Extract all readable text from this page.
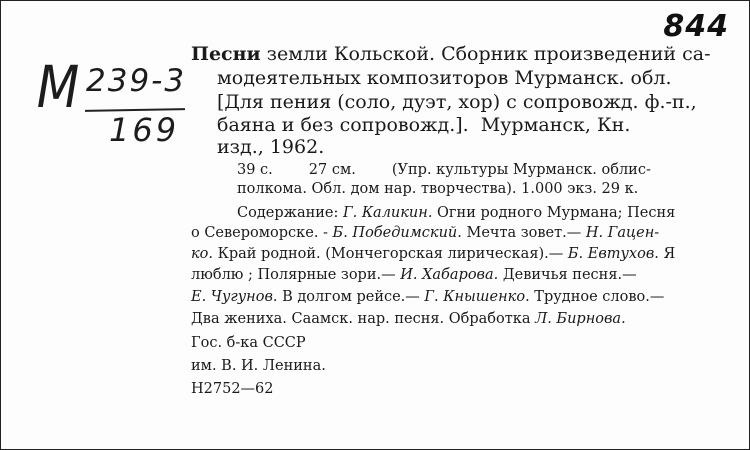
844
М 239-3
169
Песни земли Кольской. Сборник произведений са-
модеятельных композиторов Мурманск. обл.
[Для пения (соло, дуэт, хор) с сопровожд. ф.-п.,
баяна и без сопровожд.].  Мурманск, Кн.
изд., 1962.
39 с. 27 см. (Упр. культуры Мурманск. облис-
полкома. Обл. дом нар. творчества). 1.000 экз. 29 к.
Содержание: Г. Каликин. Огни родного Мурмана; Песня
о Североморске. - Б. Победимский. Мечта зовет.— Н. Гацен-
ко. Край родной. (Мончегорская лирическая).— Б. Евтухов. Я
люблю ; Полярные зори.— И. Хабарова. Девичья песня.—
Е. Чугунов. В долгом рейсе.— Г. Кнышенко. Трудное слово.—
Два жениха. Саамск. нар. песня. Обработка Л. Бирнова.
Гос. б-ка СССР
им. В. И. Ленина.
Н2752—62
